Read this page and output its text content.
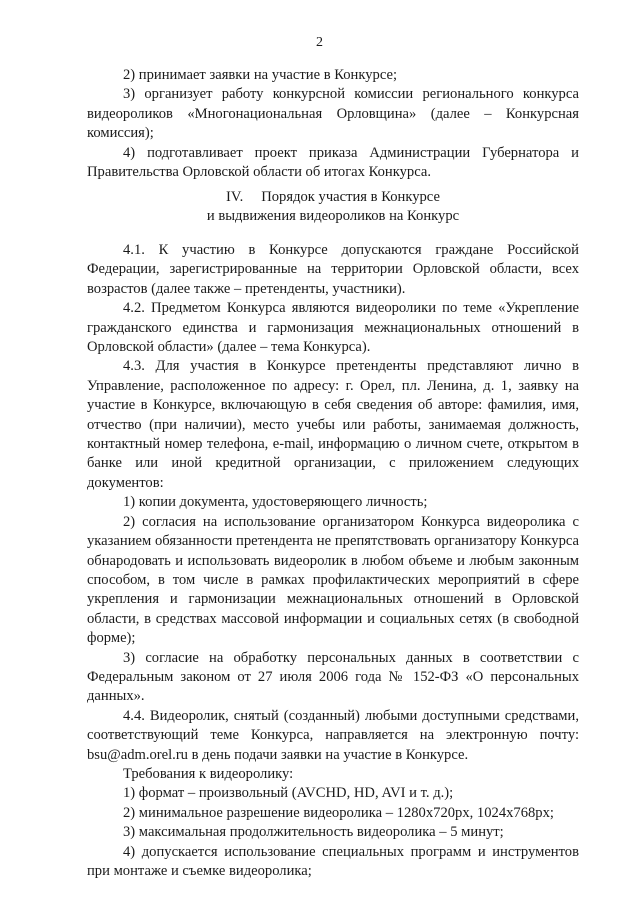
2

2) принимает заявки на участие в Конкурсе;

3) организует работу конкурсной комиссии регионального конкурса видеороликов «Многонациональная Орловщина» (далее – Конкурсная комиссия);

4) подготавливает проект приказа Администрации Губернатора и Правительства Орловской области об итогах Конкурса.

IV. Порядок участия в Конкурсе
и выдвижения видеороликов на Конкурс

4.1. К участию в Конкурсе допускаются граждане Российской Федерации, зарегистрированные на территории Орловской области, всех возрастов (далее также – претенденты, участники).

4.2. Предметом Конкурса являются видеоролики по теме «Укрепление гражданского единства и гармонизация межнациональных отношений в Орловской области» (далее – тема Конкурса).

4.3. Для участия в Конкурсе претенденты представляют лично в Управление, расположенное по адресу: г. Орел, пл. Ленина, д. 1, заявку на участие в Конкурсе, включающую в себя сведения об авторе: фамилия, имя, отчество (при наличии), место учебы или работы, занимаемая должность, контактный номер телефона, e-mail, информацию о личном счете, открытом в банке или иной кредитной организации, с приложением следующих документов:

1) копии документа, удостоверяющего личность;

2) согласия на использование организатором Конкурса видеоролика с указанием обязанности претендента не препятствовать организатору Конкурса обнародовать и использовать видеоролик в любом объеме и любым законным способом, в том числе в рамках профилактических мероприятий в сфере укрепления и гармонизации межнациональных отношений в Орловской области, в средствах массовой информации и социальных сетях (в свободной форме);

3) согласие на обработку персональных данных в соответствии с Федеральным законом от 27 июля 2006 года № 152-ФЗ «О персональных данных».

4.4. Видеоролик, снятый (созданный) любыми доступными средствами, соответствующий теме Конкурса, направляется на электронную почту: bsu@adm.orel.ru в день подачи заявки на участие в Конкурсе.

Требования к видеоролику:

1) формат – произвольный (AVCHD, HD, AVI и т. д.);

2) минимальное разрешение видеоролика – 1280x720px, 1024x768px;

3) максимальная продолжительность видеоролика – 5 минут;

4) допускается использование специальных программ и инструментов при монтаже и съемке видеоролика;
